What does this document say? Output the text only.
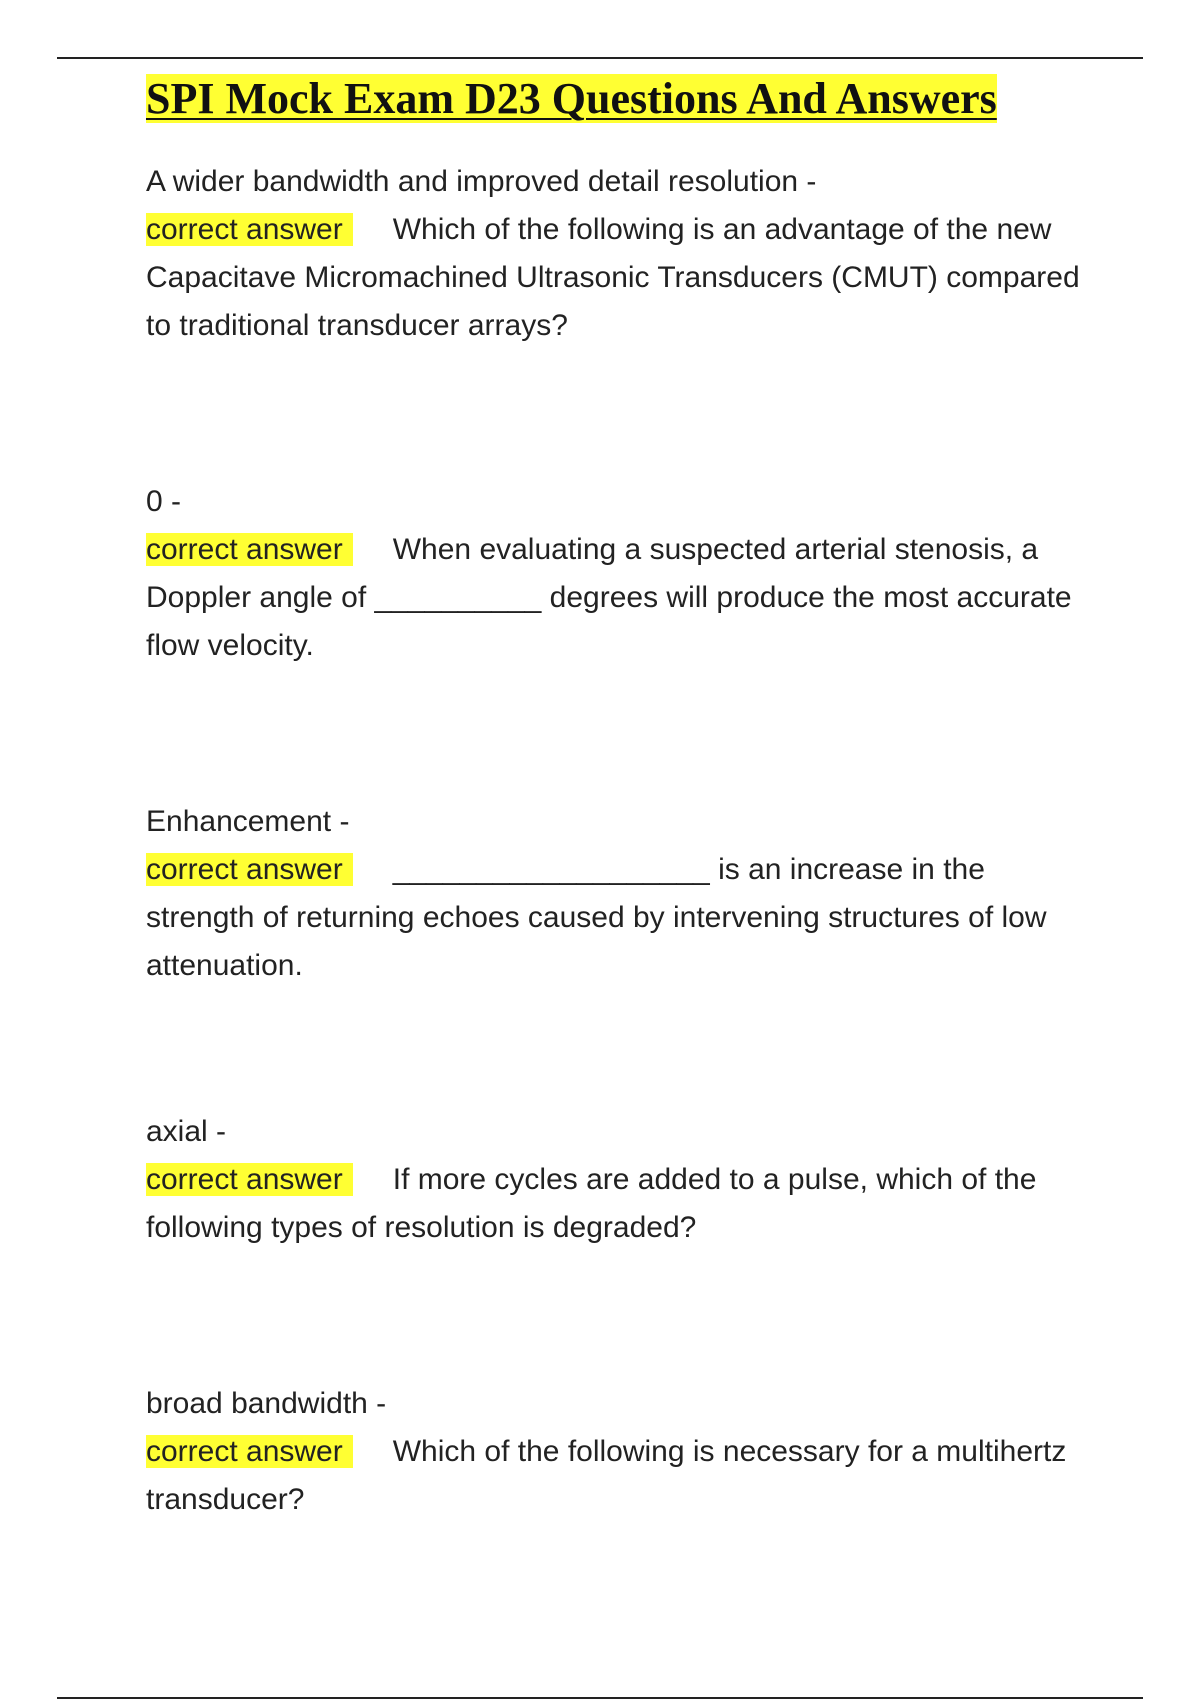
SPI Mock Exam D23 Questions And Answers
A wider bandwidth and improved detail resolution -
correct answer Which of the following is an advantage of the new Capacitave Micromachined Ultrasonic Transducers (CMUT) compared to traditional transducer arrays?
0 -
correct answer When evaluating a suspected arterial stenosis, a Doppler angle of __________ degrees will produce the most accurate flow velocity.
Enhancement -
correct answer ___________________ is an increase in the strength of returning echoes caused by intervening structures of low attenuation.
axial -
correct answer If more cycles are added to a pulse, which of the following types of resolution is degraded?
broad bandwidth -
correct answer Which of the following is necessary for a multihertz transducer?
